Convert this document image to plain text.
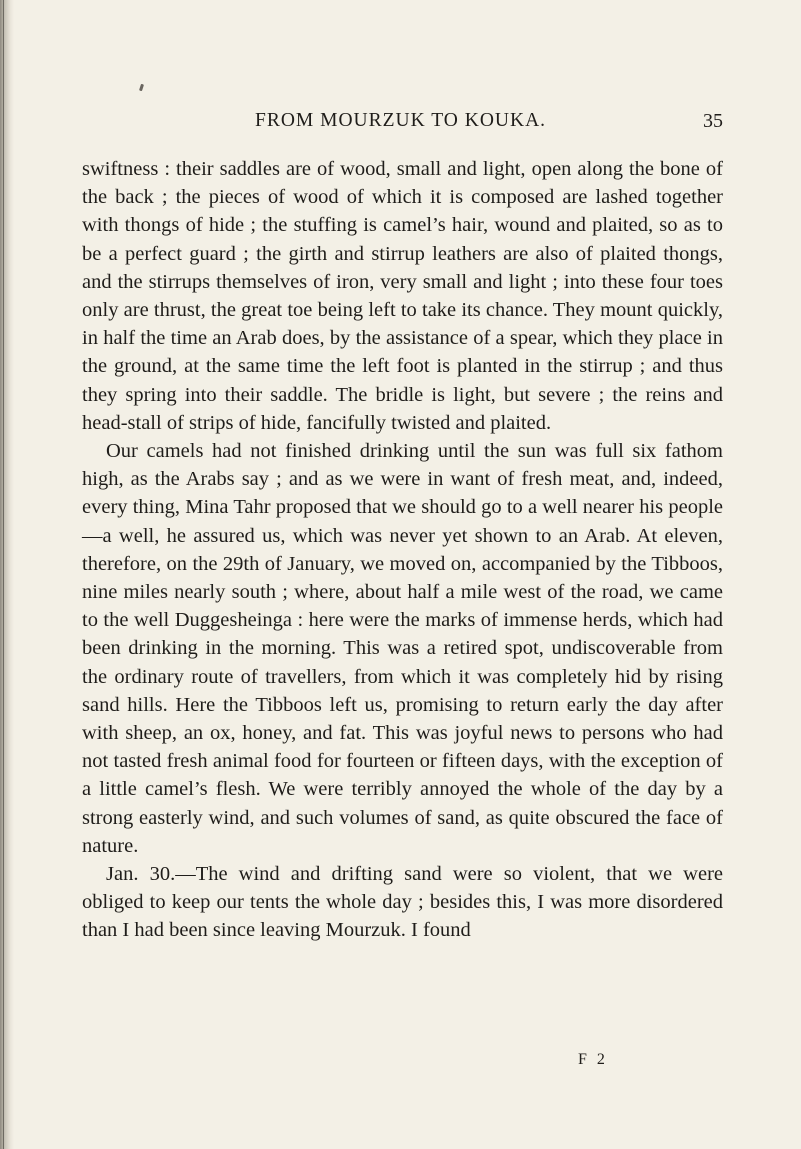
FROM MOURZUK TO KOUKA.	35

swiftness : their saddles are of wood, small and light, open along the bone of the back ; the pieces of wood of which it is composed are lashed together with thongs of hide ; the stuffing is camel’s hair, wound and plaited, so as to be a perfect guard ; the girth and stirrup leathers are also of plaited thongs, and the stirrups themselves of iron, very small and light ; into these four toes only are thrust, the great toe being left to take its chance. They mount quickly, in half the time an Arab does, by the assistance of a spear, which they place in the ground, at the same time the left foot is planted in the stirrup ; and thus they spring into their saddle. The bridle is light, but severe ; the reins and head-stall of strips of hide, fancifully twisted and plaited.

Our camels had not finished drinking until the sun was full six fathom high, as the Arabs say ; and as we were in want of fresh meat, and, indeed, every thing, Mina Tahr proposed that we should go to a well nearer his people—a well, he assured us, which was never yet shown to an Arab. At eleven, therefore, on the 29th of January, we moved on, accompanied by the Tibboos, nine miles nearly south ; where, about half a mile west of the road, we came to the well Duggesheinga : here were the marks of immense herds, which had been drinking in the morning. This was a retired spot, undiscoverable from the ordinary route of travellers, from which it was completely hid by rising sand hills. Here the Tibboos left us, promising to return early the day after with sheep, an ox, honey, and fat. This was joyful news to persons who had not tasted fresh animal food for fourteen or fifteen days, with the exception of a little camel’s flesh. We were terribly annoyed the whole of the day by a strong easterly wind, and such volumes of sand, as quite obscured the face of nature.

Jan. 30.—The wind and drifting sand were so violent, that we were obliged to keep our tents the whole day ; besides this, I was more disordered than I had been since leaving Mourzuk. I found

F 2
